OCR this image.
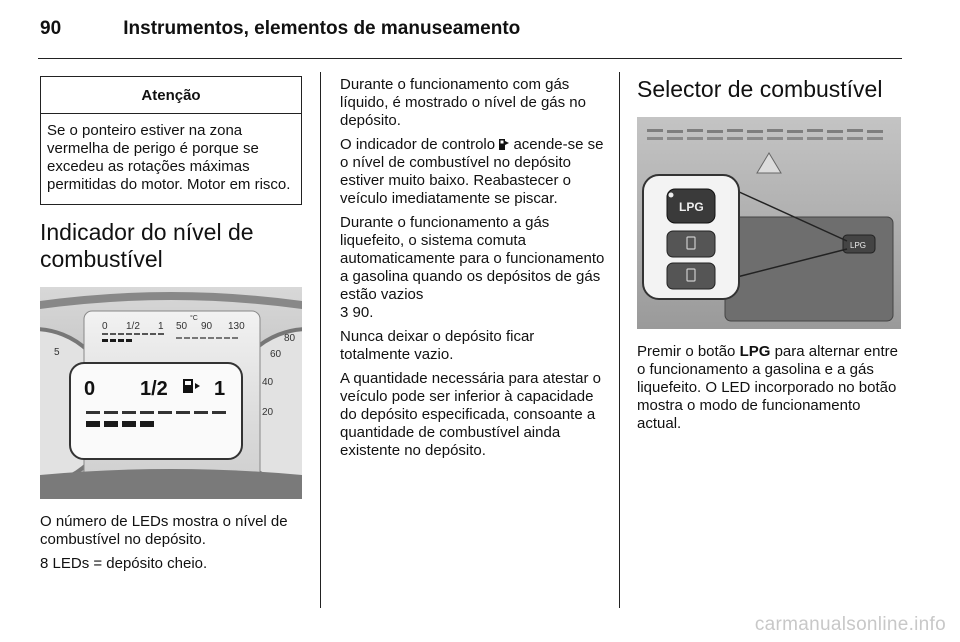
90	Instrumentos, elementos de manuseamento
Atenção
Se o ponteiro estiver na zona vermelha de perigo é porque se excedeu as rotações máximas permitidas do motor. Motor em risco.
Indicador do nível de combustível
0 1/2 1 50 90 130
°C
5
80
60
40
20
0 1/2 1

O número de LEDs mostra o nível de combustível no depósito.

8 LEDs = depósito cheio.

Durante o funcionamento com gás líquido, é mostrado o nível de gás no depósito.

O indicador de controlo acende-se se o nível de combustível no depósito estiver muito baixo. Reabastecer o veículo imediatamente se piscar.

Durante o funcionamento a gás liquefeito, o sistema comuta automaticamente para o funcionamento a gasolina quando os depósitos de gás estão vazios
3 90.

Nunca deixar o depósito ficar totalmente vazio.

A quantidade necessária para atestar o veículo pode ser inferior à capacidade do depósito especificada, consoante a quantidade de combustível ainda existente no depósito.

Selector de combustível
LPG
LPG

Premir o botão LPG para alternar entre o funcionamento a gasolina e a gás liquefeito. O LED incorporado no botão mostra o modo de funcionamento actual.

carmanualsonline.info
